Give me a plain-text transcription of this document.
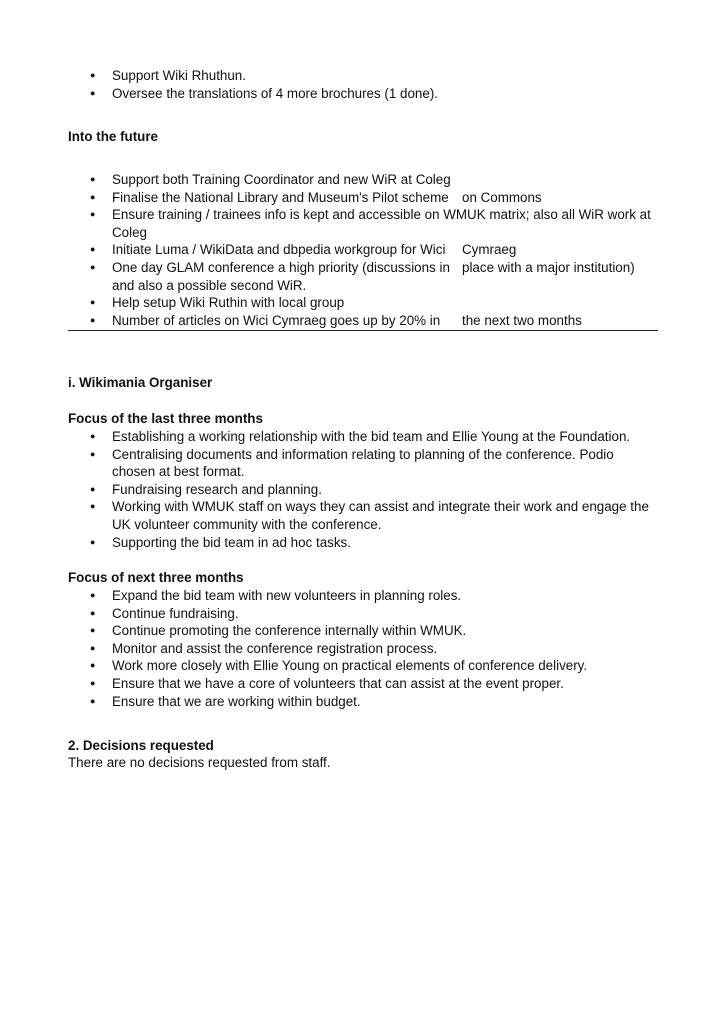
● Support Wiki Rhuthun.
● Oversee the translations of 4 more brochures (1 done).
Into the future
● Support both Training Coordinator and new WiR at Coleg
● Finalise the National Library and Museum's Pilot scheme on Commons
● Ensure training / trainees info is kept and accessible on WMUK matrix; also all WiR work at Coleg
● Initiate Luma / WikiData and dbpedia workgroup for Wici Cymraeg
● One day GLAM conference a high priority (discussions in place with a major institution)
and also a possible second WiR.
● Help setup Wiki Ruthin with local group
● Number of articles on Wici Cymraeg goes up by 20% in the next two months
i. Wikimania Organiser
Focus of the last three months
● Establishing a working relationship with the bid team and Ellie Young at the Foundation.
● Centralising documents and information relating to planning of the conference. Podio chosen at best format.
● Fundraising research and planning.
● Working with WMUK staff on ways they can assist and integrate their work and engage the UK volunteer community with the conference.
● Supporting the bid team in ad hoc tasks.
Focus of next three months
● Expand the bid team with new volunteers in planning roles.
● Continue fundraising.
● Continue promoting the conference internally within WMUK.
● Monitor and assist the conference registration process.
● Work more closely with Ellie Young on practical elements of conference delivery.
● Ensure that we have a core of volunteers that can assist at the event proper.
● Ensure that we are working within budget.
2. Decisions requested

There are no decisions requested from staff.
